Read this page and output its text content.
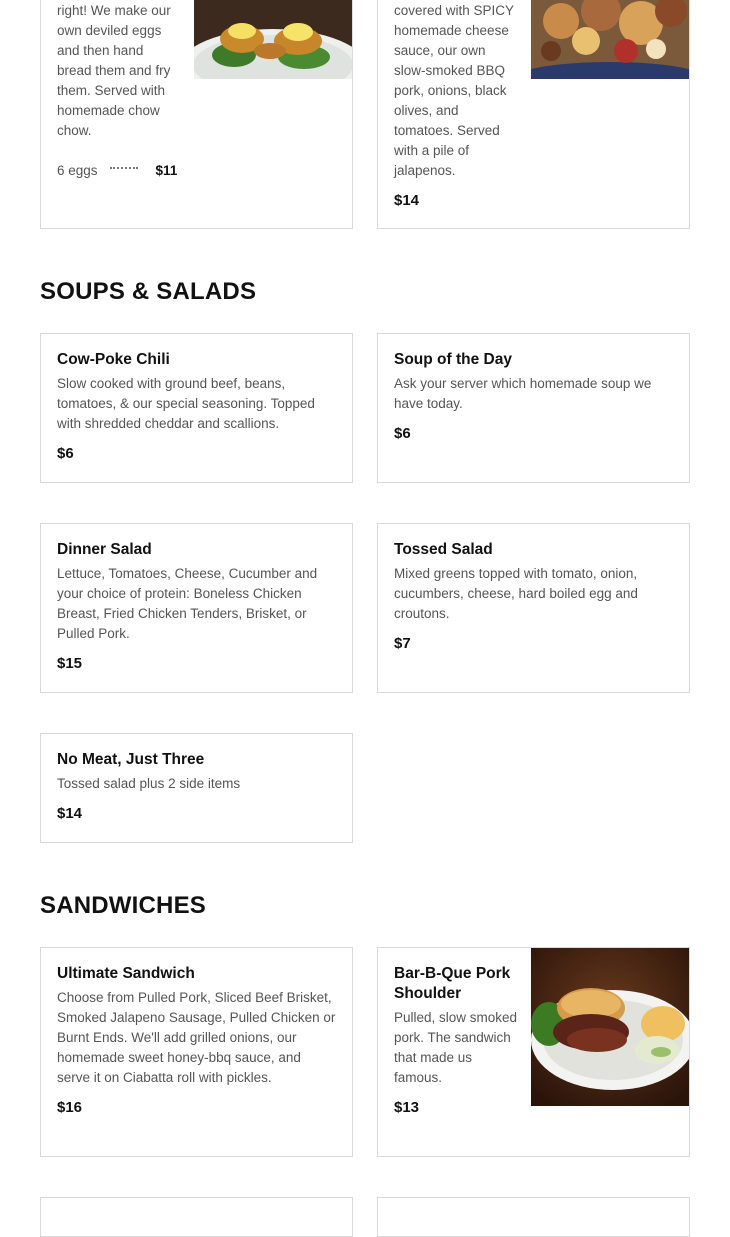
right! We make our own deviled eggs and then hand bread them and fry them. Served with homemade chow chow.

6 eggs	$11

covered with SPICY homemade cheese sauce, our own slow-smoked BBQ pork, onions, black olives, and tomatoes. Served with a pile of jalapenos.

$14
SOUPS & SALADS
Cow-Poke Chili

Slow cooked with ground beef, beans, tomatoes, & our special seasoning. Topped with shredded cheddar and scallions.

$6
Soup of the Day

Ask your server which homemade soup we have today.

$6
Dinner Salad

Lettuce, Tomatoes, Cheese, Cucumber and your choice of protein: Boneless Chicken Breast, Fried Chicken Tenders, Brisket, or Pulled Pork.

$15
Tossed Salad

Mixed greens topped with tomato, onion, cucumbers, cheese, hard boiled egg and croutons.

$7
No Meat, Just Three

Tossed salad plus 2 side items

$14
SANDWICHES
Ultimate Sandwich

Choose from Pulled Pork, Sliced Beef Brisket, Smoked Jalapeno Sausage, Pulled Chicken or Burnt Ends. We'll add grilled onions, our homemade sweet honey-bbq sauce, and serve it on Ciabatta roll with pickles.

$16
Bar-B-Que Pork Shoulder

Pulled, slow smoked pork. The sandwich that made us famous.

$13
